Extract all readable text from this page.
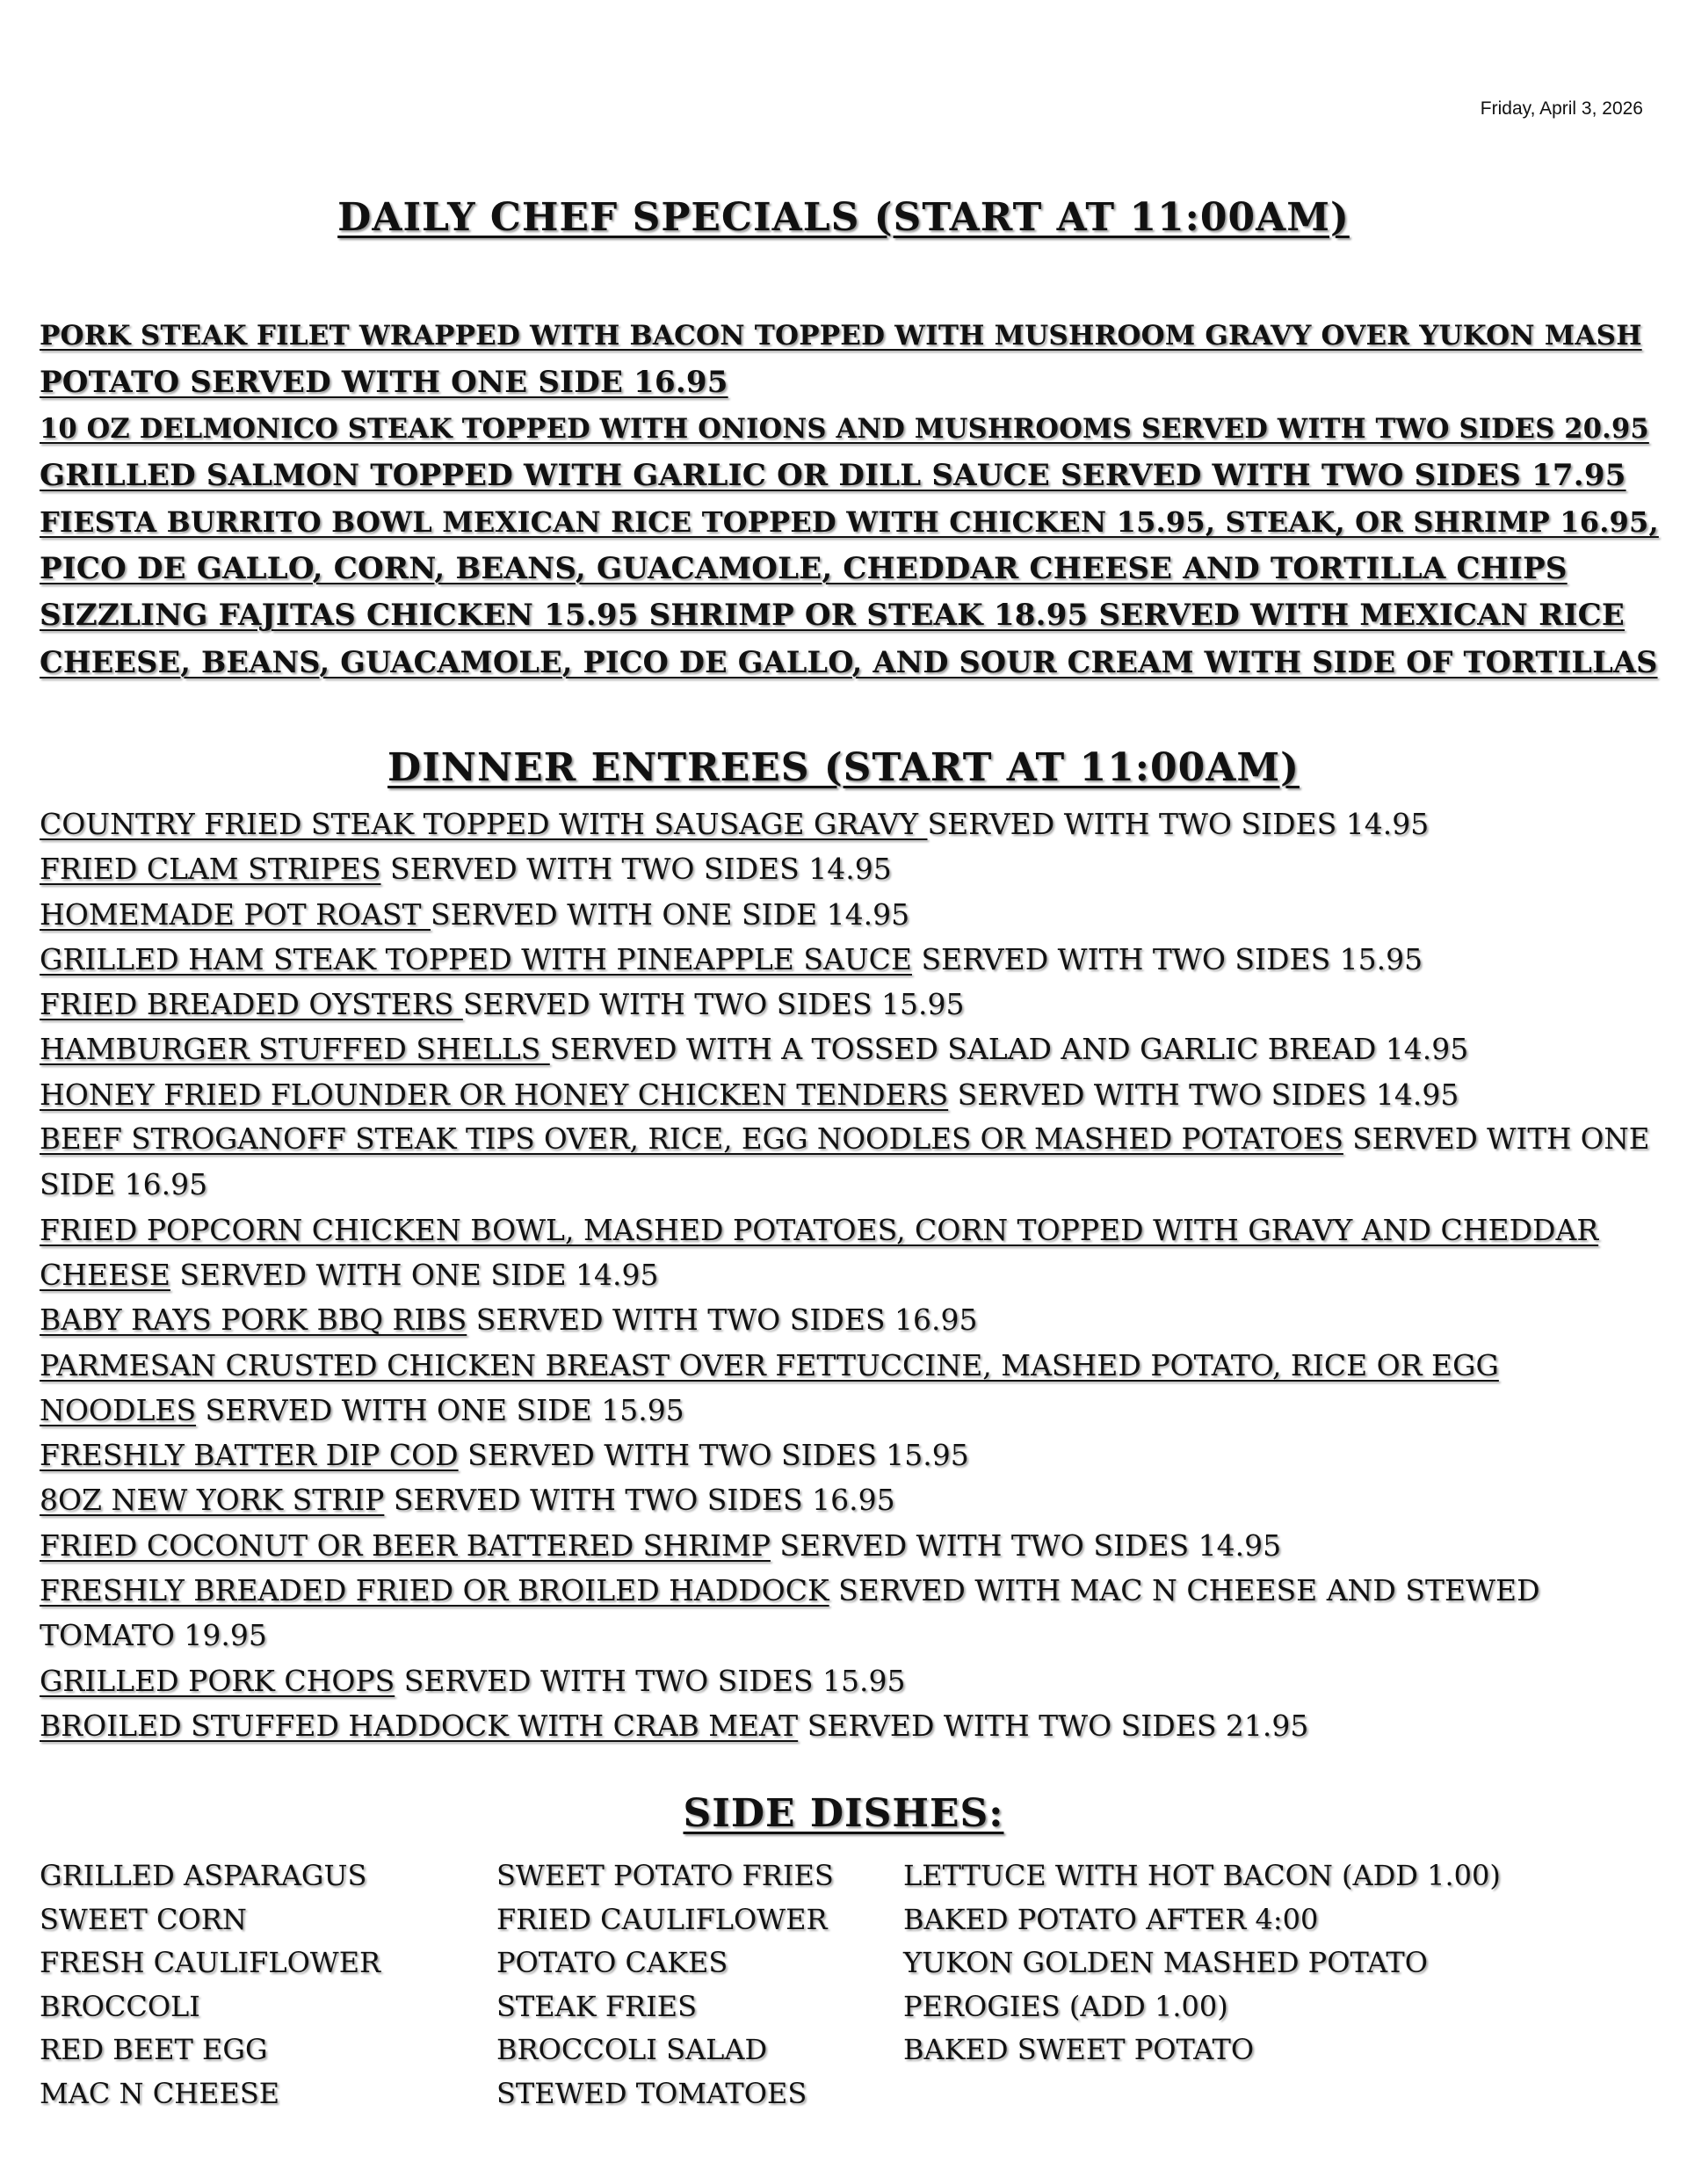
Friday, April 3, 2026
DAILY CHEF SPECIALS (START AT 11:00AM)
PORK STEAK FILET WRAPPED WITH BACON TOPPED WITH MUSHROOM GRAVY OVER YUKON MASH
POTATO SERVED WITH ONE SIDE 16.95
10 OZ DELMONICO STEAK TOPPED WITH ONIONS AND MUSHROOMS SERVED WITH TWO SIDES 20.95
GRILLED SALMON TOPPED WITH GARLIC OR DILL SAUCE SERVED WITH TWO SIDES 17.95
FIESTA BURRITO BOWL MEXICAN RICE TOPPED WITH CHICKEN 15.95, STEAK, OR SHRIMP 16.95,
PICO DE GALLO, CORN, BEANS, GUACAMOLE, CHEDDAR CHEESE AND TORTILLA CHIPS
SIZZLING FAJITAS CHICKEN 15.95 SHRIMP OR STEAK 18.95 SERVED WITH MEXICAN RICE
CHEESE, BEANS, GUACAMOLE, PICO DE GALLO, AND SOUR CREAM WITH SIDE OF TORTILLAS
DINNER ENTREES (START AT 11:00AM)
COUNTRY FRIED STEAK TOPPED WITH SAUSAGE GRAVY SERVED WITH TWO SIDES 14.95
FRIED CLAM STRIPES SERVED WITH TWO SIDES 14.95
HOMEMADE POT ROAST SERVED WITH ONE SIDE 14.95
GRILLED HAM STEAK TOPPED WITH PINEAPPLE SAUCE SERVED WITH TWO SIDES 15.95
FRIED BREADED OYSTERS SERVED WITH TWO SIDES 15.95
HAMBURGER STUFFED SHELLS SERVED WITH A TOSSED SALAD AND GARLIC BREAD 14.95
HONEY FRIED FLOUNDER OR HONEY CHICKEN TENDERS SERVED WITH TWO SIDES 14.95
BEEF STROGANOFF STEAK TIPS OVER, RICE, EGG NOODLES OR MASHED POTATOES SERVED WITH ONE
SIDE 16.95
FRIED POPCORN CHICKEN BOWL, MASHED POTATOES, CORN TOPPED WITH GRAVY AND CHEDDAR
CHEESE SERVED WITH ONE SIDE 14.95
BABY RAYS PORK BBQ RIBS SERVED WITH TWO SIDES 16.95
PARMESAN CRUSTED CHICKEN BREAST OVER FETTUCCINE, MASHED POTATO, RICE OR EGG
NOODLES SERVED WITH ONE SIDE 15.95
FRESHLY BATTER DIP COD SERVED WITH TWO SIDES 15.95
8OZ NEW YORK STRIP SERVED WITH TWO SIDES 16.95
FRIED COCONUT OR BEER BATTERED SHRIMP SERVED WITH TWO SIDES 14.95
FRESHLY BREADED FRIED OR BROILED HADDOCK SERVED WITH MAC N CHEESE AND STEWED
TOMATO 19.95
GRILLED PORK CHOPS SERVED WITH TWO SIDES 15.95
BROILED STUFFED HADDOCK WITH CRAB MEAT SERVED WITH TWO SIDES 21.95
SIDE DISHES:
GRILLED ASPARAGUS
SWEET CORN
FRESH CAULIFLOWER
BROCCOLI
RED BEET EGG
MAC N CHEESE
SWEET POTATO FRIES
FRIED CAULIFLOWER
POTATO CAKES
STEAK FRIES
BROCCOLI SALAD
STEWED TOMATOES
LETTUCE WITH HOT BACON (ADD 1.00)
BAKED POTATO AFTER 4:00
YUKON GOLDEN MASHED POTATO
PEROGIES (ADD 1.00)
BAKED SWEET POTATO
